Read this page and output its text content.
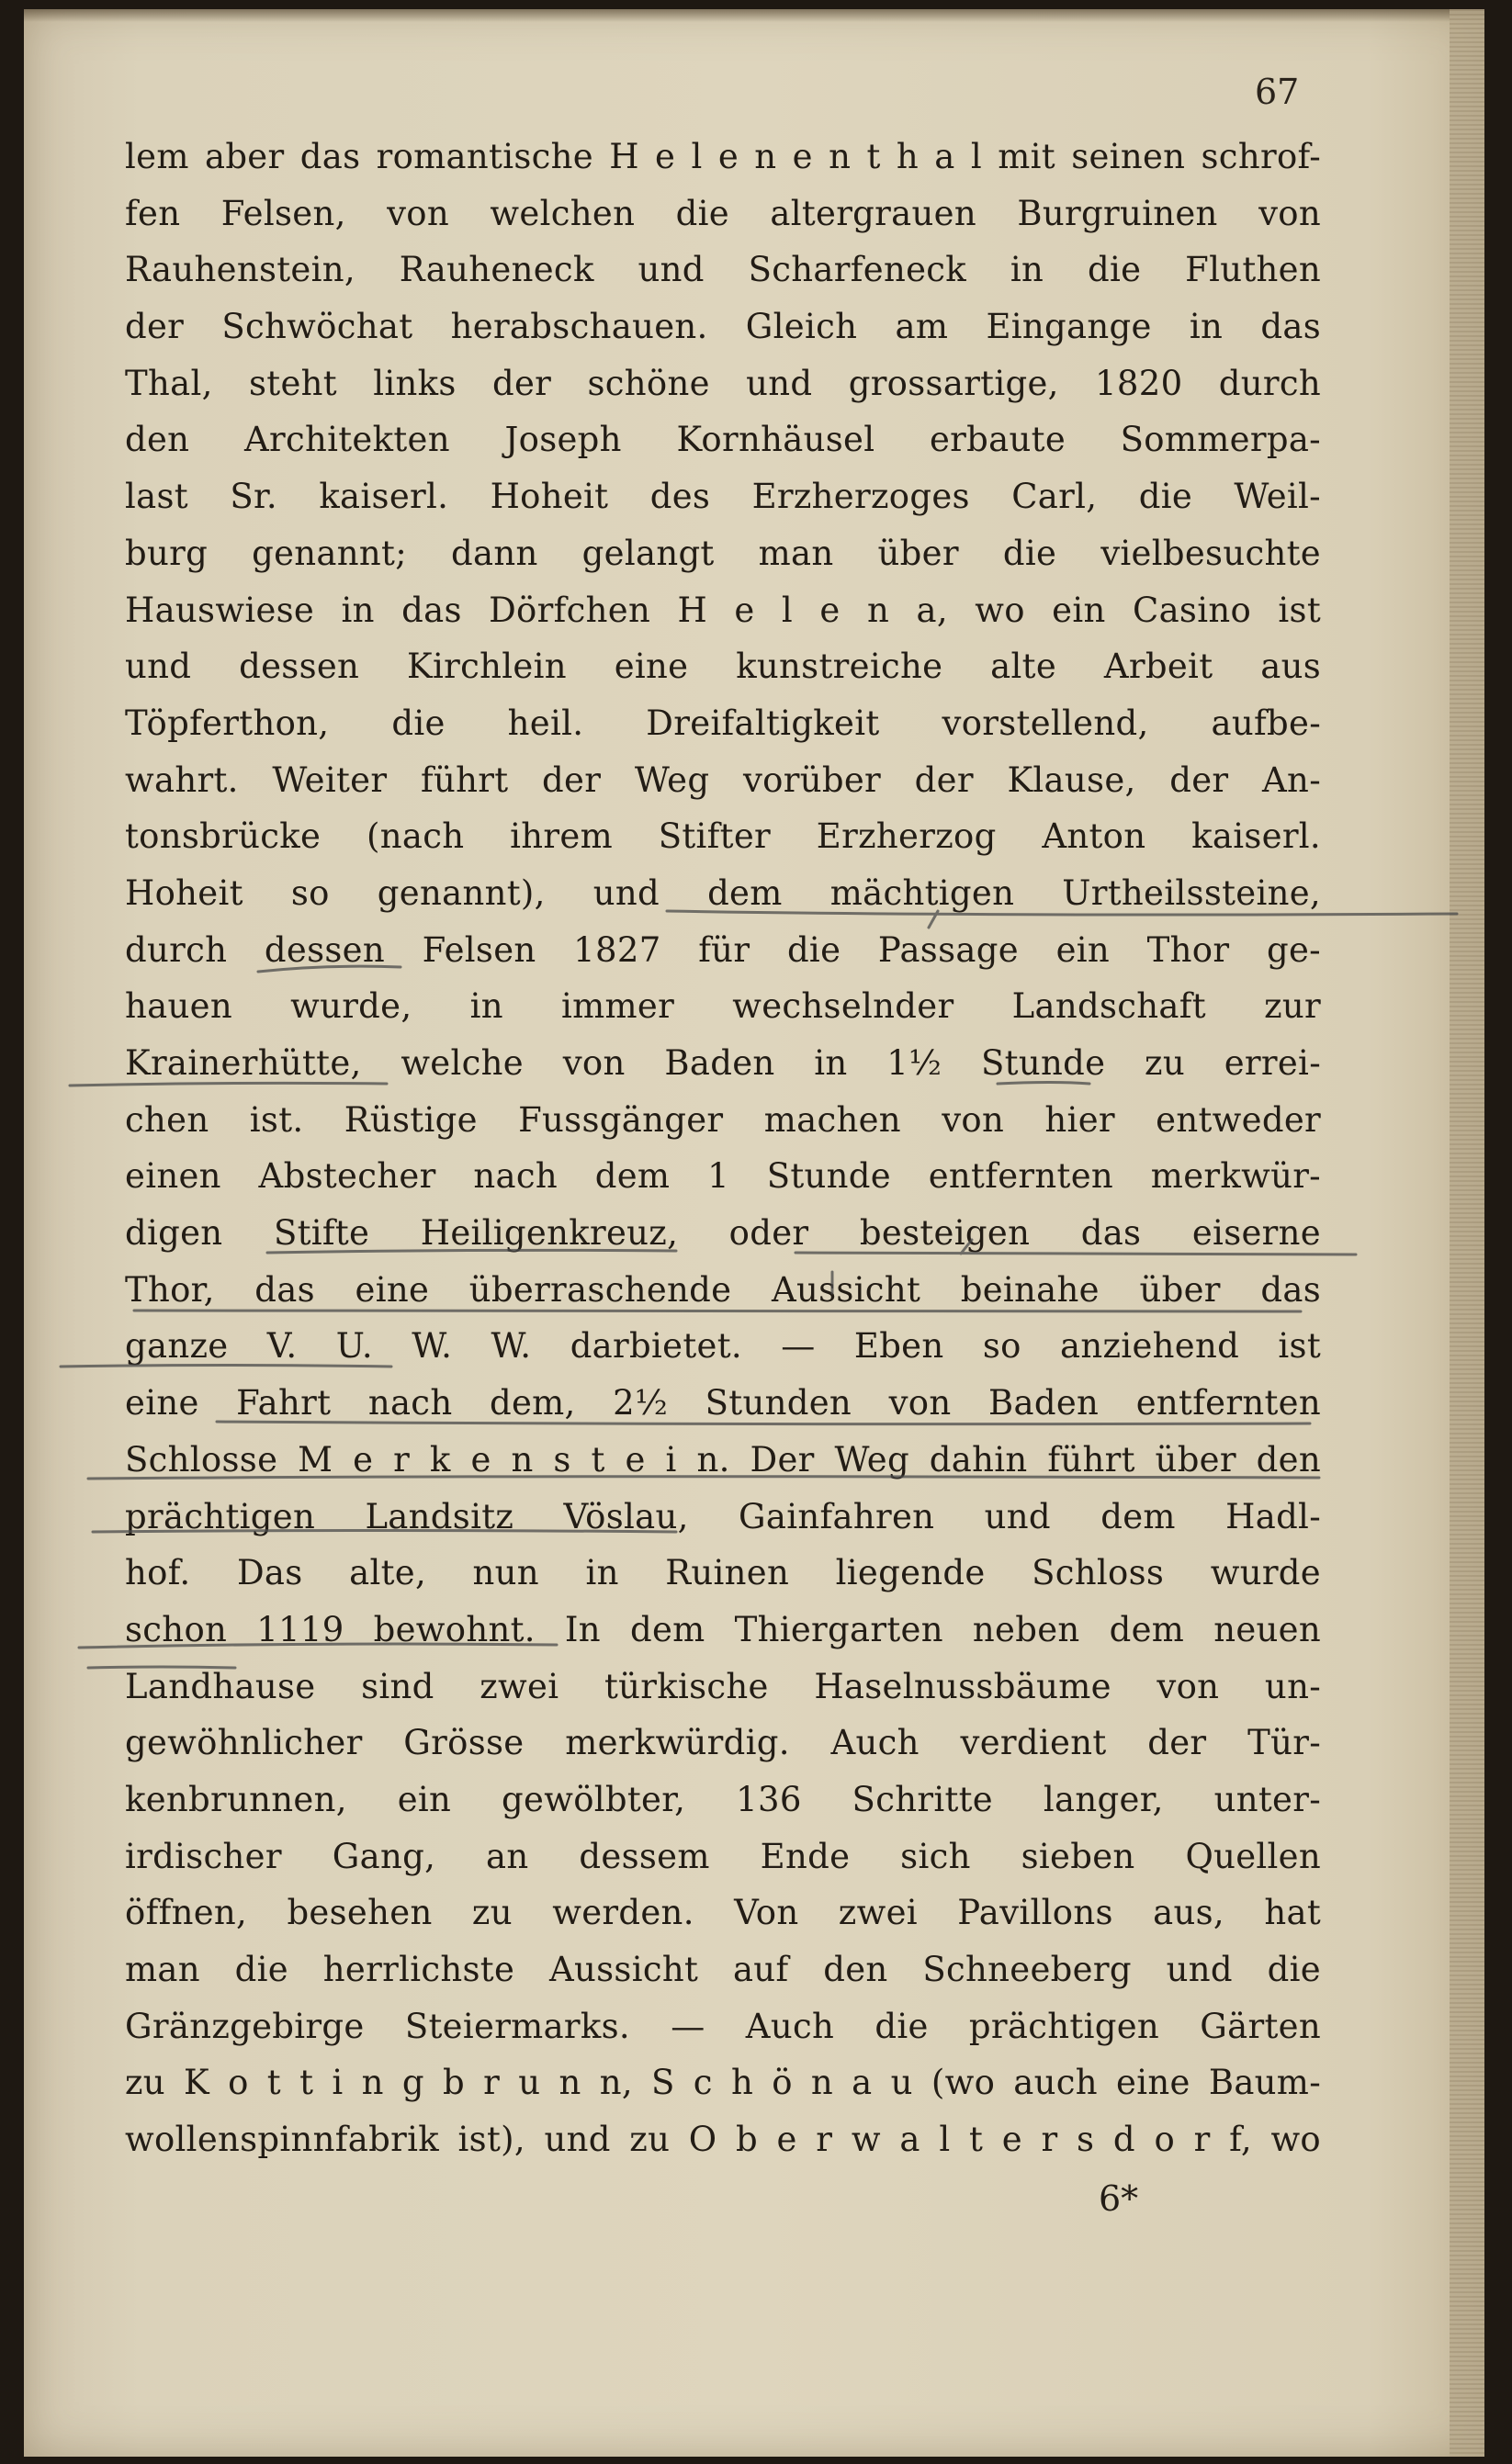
67
lem aber das romantische H e l e n e n t h a l mit seinen schrof-
fen Felsen, von welchen die altergrauen Burgruinen von
Rauhenstein, Rauheneck und Scharfeneck in die Fluthen
der Schwöchat herabschauen. Gleich am Eingange in das
Thal, steht links der schöne und grossartige, 1820 durch
den Architekten Joseph Kornhäusel erbaute Sommerpa-
last Sr. kaiserl. Hoheit des Erzherzoges Carl, die Weil-
burg genannt; dann gelangt man über die vielbesuchte
Hauswiese in das Dörfchen H e l e n a, wo ein Casino ist
und dessen Kirchlein eine kunstreiche alte Arbeit aus
Töpferthon, die heil. Dreifaltigkeit vorstellend, aufbe-
wahrt. Weiter führt der Weg vorüber der Klause, der An-
tonsbrücke (nach ihrem Stifter Erzherzog Anton kaiserl.
Hoheit so genannt), und dem mächtigen Urtheilssteine,
durch dessen Felsen 1827 für die Passage ein Thor ge-
hauen wurde, in immer wechselnder Landschaft zur
Krainerhütte, welche von Baden in 1½ Stunde zu errei-
chen ist. Rüstige Fussgänger machen von hier entweder
einen Abstecher nach dem 1 Stunde entfernten merkwür-
digen Stifte Heiligenkreuz, oder besteigen das eiserne
Thor, das eine überraschende Aussicht beinahe über das
ganze V. U. W. W. darbietet. — Eben so anziehend ist
eine Fahrt nach dem, 2½ Stunden von Baden entfernten
Schlosse M e r k e n s t e i n. Der Weg dahin führt über den
prächtigen Landsitz Vöslau, Gainfahren und dem Hadl-
hof. Das alte, nun in Ruinen liegende Schloss wurde
schon 1119 bewohnt. In dem Thiergarten neben dem neuen
Landhause sind zwei türkische Haselnussbäume von un-
gewöhnlicher Grösse merkwürdig. Auch verdient der Tür-
kenbrunnen, ein gewölbter, 136 Schritte langer, unter-
irdischer Gang, an dessem Ende sich sieben Quellen
öffnen, besehen zu werden. Von zwei Pavillons aus, hat
man die herrlichste Aussicht auf den Schneeberg und die
Gränzgebirge Steiermarks. — Auch die prächtigen Gärten
zu K o t t i n g b r u n n, S c h ö n a u (wo auch eine Baum-
wollenspinnfabrik ist), und zu O b e r w a l t e r s d o r f, wo
6*
